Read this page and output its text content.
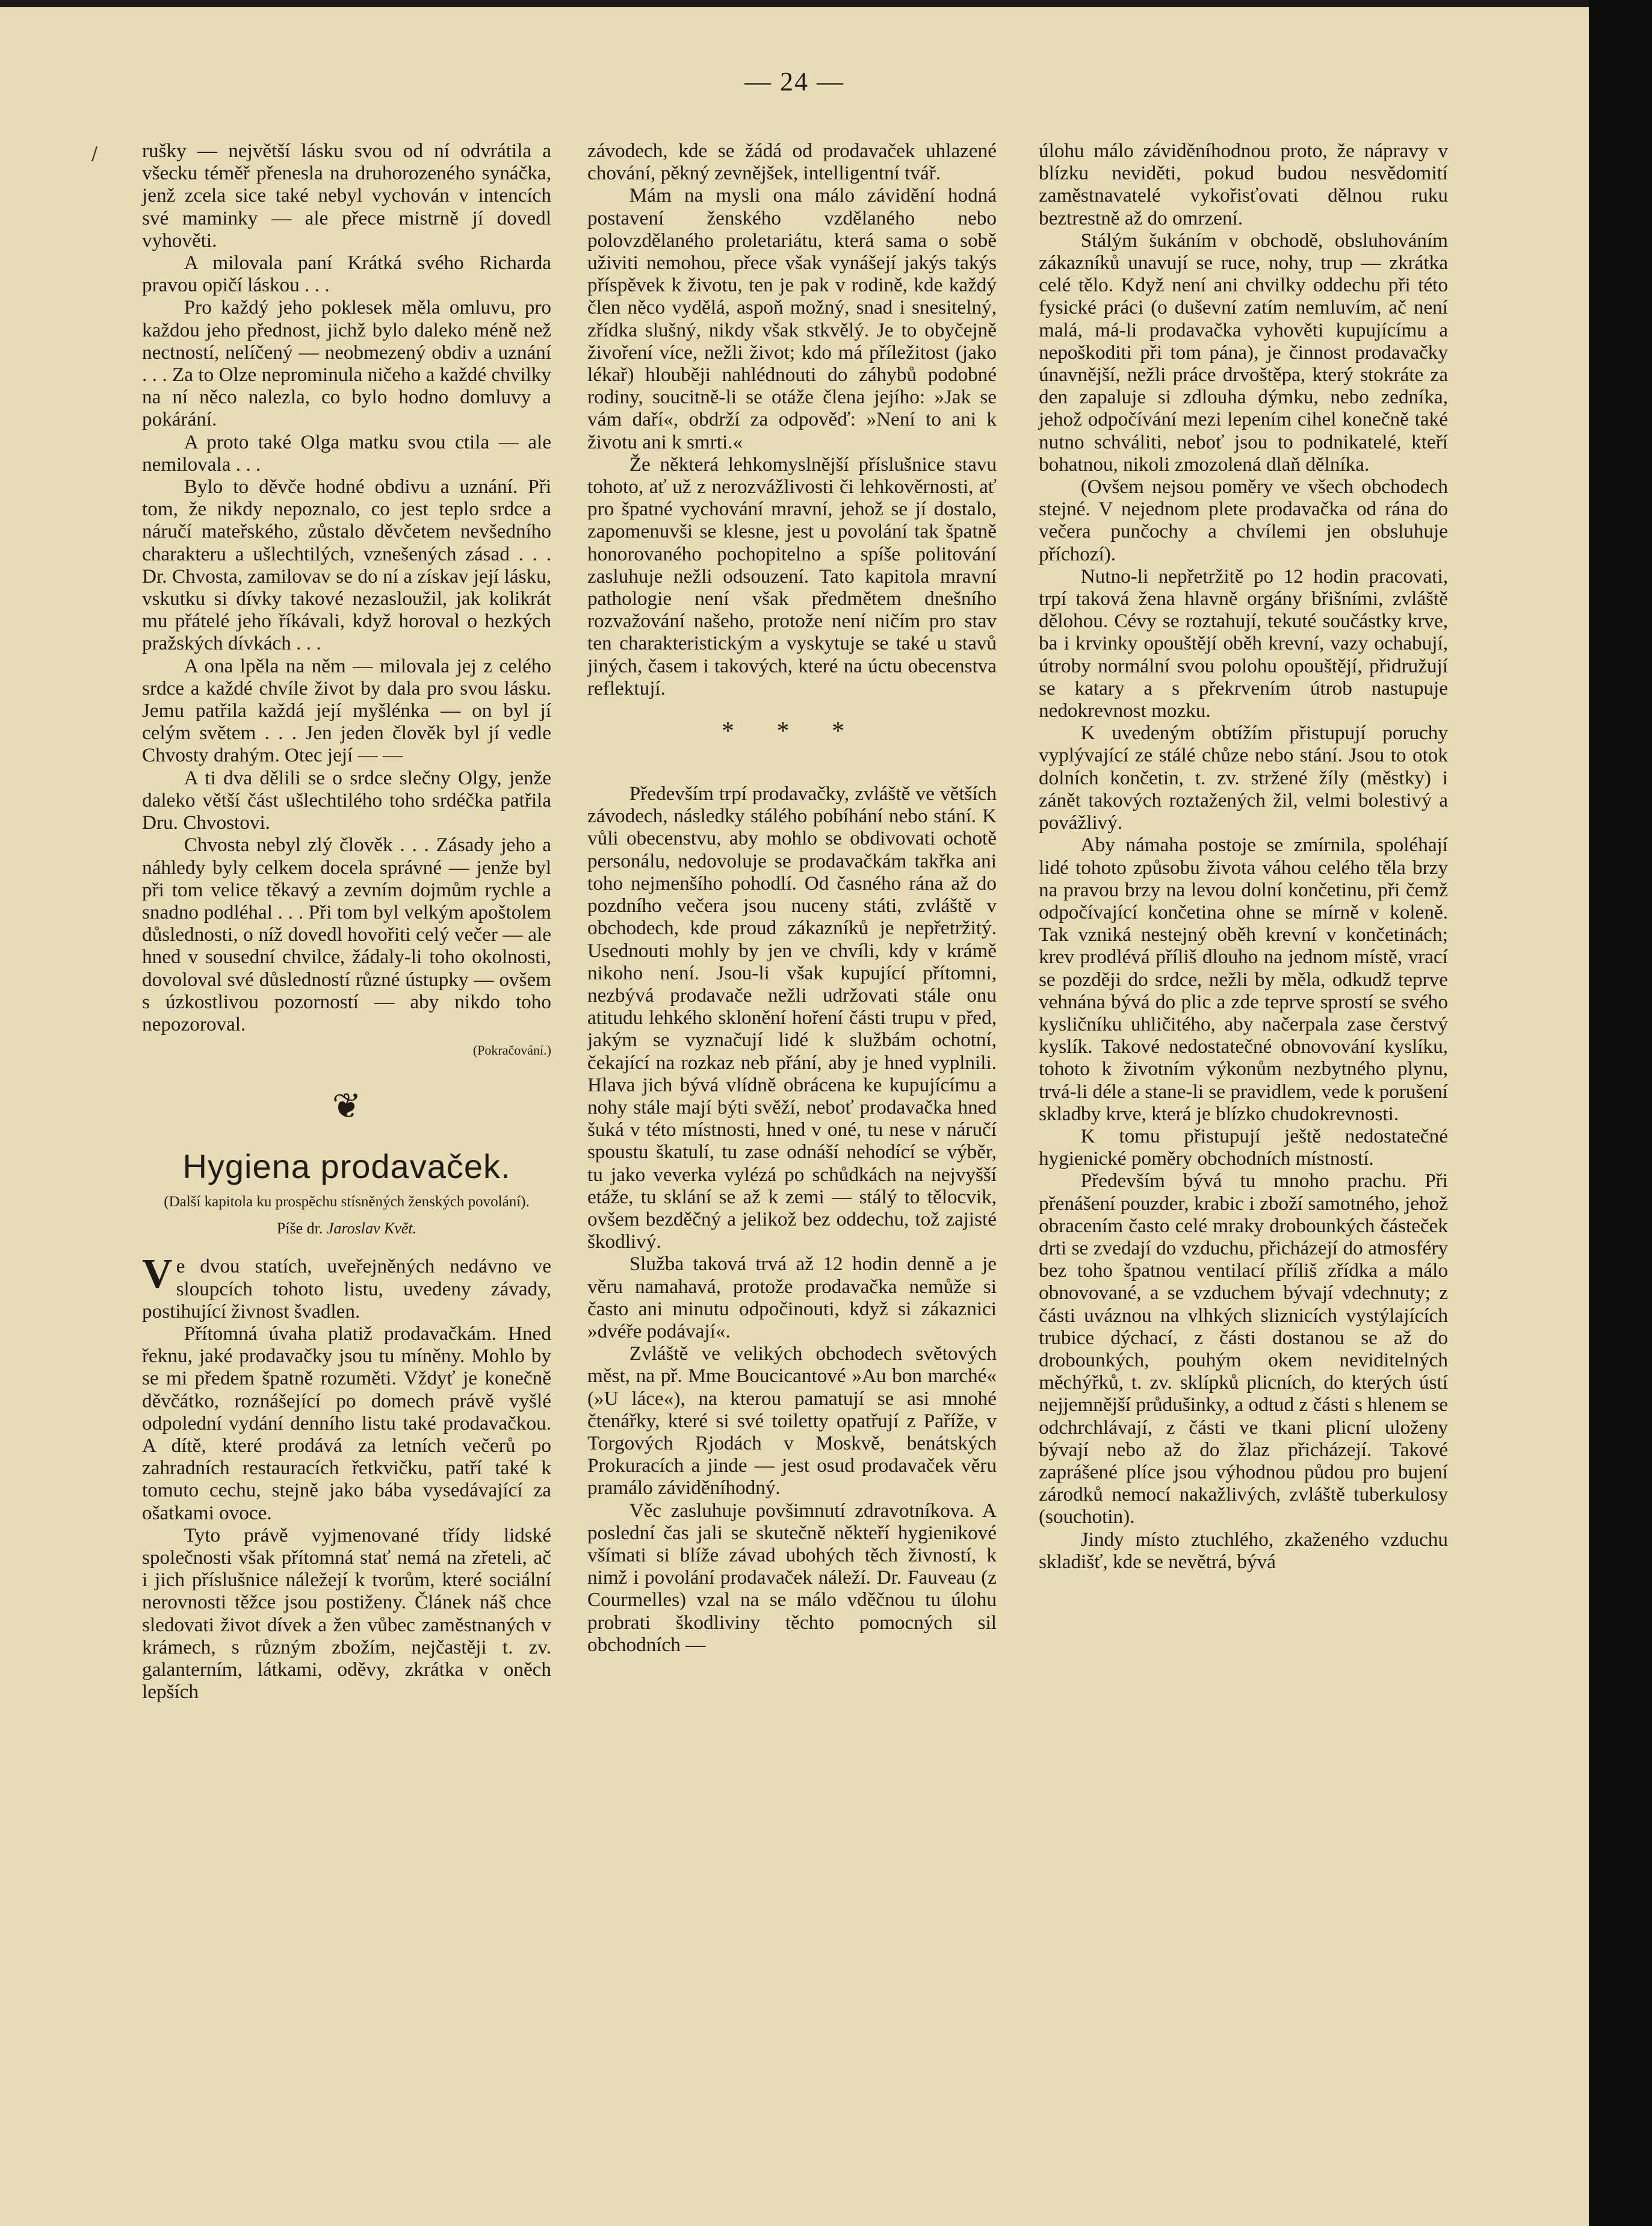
/
— 24 —

rušky — největší lásku svou od ní odvrátila a všecku téměř přenesla na druhorozeného synáčka, jenž zcela sice také nebyl vychován v intencích své maminky — ale přece mistrně jí dovedl vyhověti.

A milovala paní Krátká svého Richarda pravou opičí láskou . . .

Pro každý jeho poklesek měla omluvu, pro každou jeho přednost, jichž bylo daleko méně než nectností, nelíčený — neobmezený obdiv a uznání . . . Za to Olze neprominula ničeho a každé chvilky na ní něco nalezla, co bylo hodno domluvy a pokárání.

A proto také Olga matku svou ctila — ale nemilovala . . .

Bylo to děvče hodné obdivu a uznání. Při tom, že nikdy nepoznalo, co jest teplo srdce a náručí mateřského, zůstalo děvčetem nevšedního charakteru a ušlechtilých, vznešených zásad . . . Dr. Chvosta, zamilovav se do ní a získav její lásku, vskutku si dívky takové nezasloužil, jak kolikrát mu přátelé jeho říkávali, když horoval o hezkých pražských dívkách . . .

A ona lpěla na něm — milovala jej z celého srdce a každé chvíle život by dala pro svou lásku. Jemu patřila každá její myšlénka — on byl jí celým světem . . . Jen jeden člověk byl jí vedle Chvosty drahým. Otec její — —

A ti dva dělili se o srdce slečny Olgy, jenže daleko větší část ušlechtilého toho srdéčka patřila Dru. Chvostovi.

Chvosta nebyl zlý člověk . . . Zásady jeho a náhledy byly celkem docela správné — jenže byl při tom velice těkavý a zevním dojmům rychle a snadno podléhal . . . Při tom byl velkým apoštolem důslednosti, o níž dovedl hovořiti celý večer — ale hned v sousední chvilce, žádaly-li toho okolnosti, dovoloval své důsledností různé ústupky — ovšem s úzkostlivou pozorností — aby nikdo toho nepozoroval.

(Pokračování.)
❦
Hygiena prodavaček.
(Další kapitola ku prospěchu stísněných ženských povolání).
Píše dr. Jaroslav Květ.

Ve dvou statích, uveřejněných nedávno ve sloupcích tohoto listu, uvedeny závady, postihující živnost švadlen.

Přítomná úvaha platiž prodavačkám. Hned řeknu, jaké prodavačky jsou tu míněny. Mohlo by se mi předem špatně rozuměti. Vždyť je konečně děvčátko, roznášející po domech právě vyšlé odpolední vydání denního listu také prodavačkou. A dítě, které prodává za letních večerů po zahradních restauracích řetkvičku, patří také k tomuto cechu, stejně jako bába vysedávající za ošatkami ovoce.

Tyto právě vyjmenované třídy lidské společnosti však přítomná stať nemá na zřeteli, ač i jich příslušnice náležejí k tvorům, které sociální nerovnosti těžce jsou postiženy. Článek náš chce sledovati život dívek a žen vůbec zaměstnaných v krámech, s různým zbožím, nejčastěji t. zv. galanterním, látkami, oděvy, zkrátka v oněch lepších

závodech, kde se žádá od prodavaček uhlazené chování, pěkný zevnějšek, intelligentní tvář.

Mám na mysli ona málo závidění hodná postavení ženského vzdělaného nebo polovzdělaného proletariátu, která sama o sobě uživiti nemohou, přece však vynášejí jakýs takýs příspěvek k životu, ten je pak v rodině, kde každý člen něco vydělá, aspoň možný, snad i snesitelný, zřídka slušný, nikdy však stkvělý. Je to obyčejně živoření více, nežli život; kdo má příležitost (jako lékař) hlouběji nahlédnouti do záhybů podobné rodiny, soucitně-li se otáže člena jejího: »Jak se vám daří«, obdrží za odpověď: »Není to ani k životu ani k smrti.«

Že některá lehkomyslnější příslušnice stavu tohoto, ať už z nerozvážlivosti či lehkověrnosti, ať pro špatné vychování mravní, jehož se jí dostalo, zapomenuvši se klesne, jest u povolání tak špatně honorovaného pochopitelno a spíše politování zasluhuje nežli odsouzení. Tato kapitola mravní pathologie není však předmětem dnešního rozvažování našeho, protože není ničím pro stav ten charakteristickým a vyskytuje se také u stavů jiných, časem i takových, které na úctu obecenstva reflektují.

* * *

Především trpí prodavačky, zvláště ve větších závodech, následky stálého pobíhání nebo stání. K vůli obecenstvu, aby mohlo se obdivovati ochotě personálu, nedovoluje se prodavačkám takřka ani toho nejmenšího pohodlí. Od časného rána až do pozdního večera jsou nuceny státi, zvláště v obchodech, kde proud zákazníků je nepřetržitý. Usednouti mohly by jen ve chvíli, kdy v krámě nikoho není. Jsou-li však kupující přítomni, nezbývá prodavače nežli udržovati stále onu atitudu lehkého sklonění hoření části trupu v před, jakým se vyznačují lidé k službám ochotní, čekající na rozkaz neb přání, aby je hned vyplnili. Hlava jich bývá vlídně obrácena ke kupujícímu a nohy stále mají býti svěží, neboť prodavačka hned šuká v této místnosti, hned v oné, tu nese v náručí spoustu škatulí, tu zase odnáší nehodící se výběr, tu jako veverka vylézá po schůdkách na nejvyšší etáže, tu sklání se až k zemi — stálý to tělocvik, ovšem bezděčný a jelikož bez oddechu, tož zajisté škodlivý.

Služba taková trvá až 12 hodin denně a je věru namahavá, protože prodavačka nemůže si často ani minutu odpočinouti, když si zákaznici »dvéře podávají«.

Zvláště ve velikých obchodech světových měst, na př. Mme Boucicantové »Au bon marché« (»U láce«), na kterou pamatují se asi mnohé čtenářky, které si své toiletty opatřují z Paříže, v Torgových Rjodách v Moskvě, benátských Prokuracích a jinde — jest osud prodavaček věru pramálo záviděníhodný.

Věc zasluhuje povšimnutí zdravotníkova. A poslední čas jali se skutečně někteří hygienikové všímati si blíže závad ubohých těch živností, k nimž i povolání prodavaček náleží. Dr. Fauveau (z Courmelles) vzal na se málo vděčnou tu úlohu probrati škodliviny těchto pomocných sil obchodních —

úlohu málo záviděníhodnou proto, že nápravy v blízku neviděti, pokud budou nesvědomití zaměstnavatelé vykořisťovati dělnou ruku beztrestně až do omrzení.

Stálým šukáním v obchodě, obsluhováním zákazníků unavují se ruce, nohy, trup — zkrátka celé tělo. Když není ani chvilky oddechu při této fysické práci (o duševní zatím nemluvím, ač není malá, má-li prodavačka vyhověti kupujícímu a nepoškoditi při tom pána), je činnost prodavačky únavnější, nežli práce drvoštěpa, který stokráte za den zapaluje si zdlouha dýmku, nebo zedníka, jehož odpočívání mezi lepením cihel konečně také nutno schváliti, neboť jsou to podnikatelé, kteří bohatnou, nikoli zmozolená dlaň dělníka.

(Ovšem nejsou poměry ve všech obchodech stejné. V nejednom plete prodavačka od rána do večera punčochy a chvílemi jen obsluhuje příchozí).

Nutno-li nepřetržitě po 12 hodin pracovati, trpí taková žena hlavně orgány břišními, zvláště dělohou. Cévy se roztahují, tekuté součástky krve, ba i krvinky opouštějí oběh krevní, vazy ochabují, útroby normální svou polohu opouštějí, přidružují se katary a s překrvením útrob nastupuje nedokrevnost mozku.

K uvedeným obtížím přistupují poruchy vyplývající ze stálé chůze nebo stání. Jsou to otok dolních končetin, t. zv. stržené žíly (městky) i zánět takových roztažených žil, velmi bolestivý a povážlivý.

Aby námaha postoje se zmírnila, spoléhají lidé tohoto způsobu života váhou celého těla brzy na pravou brzy na levou dolní končetinu, při čemž odpočívající končetina ohne se mírně v koleně. Tak vzniká nestejný oběh krevní v končetinách; krev prodlévá příliš dlouho na jednom místě, vrací se později do srdce, nežli by měla, odkudž teprve vehnána bývá do plic a zde teprve sprostí se svého kysličníku uhličitého, aby načerpala zase čerstvý kyslík. Takové nedostatečné obnovování kyslíku, tohoto k životním výkonům nezbytného plynu, trvá-li déle a stane-li se pravidlem, vede k porušení skladby krve, která je blízko chudokrevnosti.

K tomu přistupují ještě nedostatečné hygienické poměry obchodních místností.

Především bývá tu mnoho prachu. Při přenášení pouzder, krabic i zboží samotného, jehož obracením často celé mraky drobounkých částeček drti se zvedají do vzduchu, přicházejí do atmosféry bez toho špatnou ventilací příliš zřídka a málo obnovované, a se vzduchem bývají vdechnuty; z části uváznou na vlhkých sliznicích vystýlajících trubice dýchací, z části dostanou se až do drobounkých, pouhým okem neviditelných měchýřků, t. zv. sklípků plicních, do kterých ústí nejjemnější průdušinky, a odtud z části s hlenem se odchrchlávají, z části ve tkani plicní uloženy bývají nebo až do žlaz přicházejí. Takové zaprášené plíce jsou výhodnou půdou pro bujení zárodků nemocí nakažlivých, zvláště tuberkulosy (souchotin).

Jindy místo ztuchlého, zkaženého vzduchu skladišť, kde se nevětrá, bývá
